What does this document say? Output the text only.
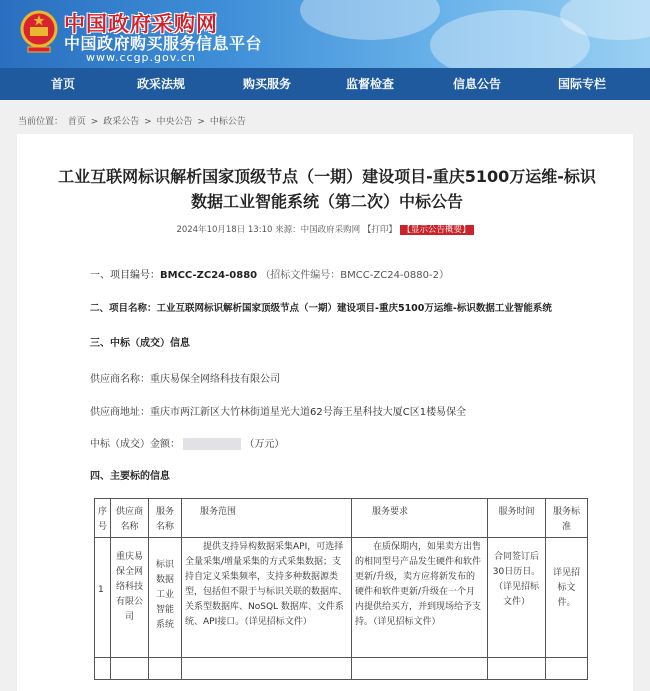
中国政府采购网
中国政府购买服务信息平台
www.ccgp.gov.cn
首页	政采法规	购买服务	监督检查	信息公告	国际专栏
当前位置： 首页 > 政采公告 > 中央公告 > 中标公告
工业互联网标识解析国家顶级节点（一期）建设项目-重庆5100万运维-标识数据工业智能系统（第二次）中标公告
2024年10月18日 13:10 来源：中国政府采购网 【打印】 【显示公告概要】
一、项目编号：BMCC-ZC24-0880 （招标文件编号：BMCC-ZC24-0880-2）
二、项目名称：工业互联网标识解析国家顶级节点（一期）建设项目-重庆5100万运维-标识数据工业智能系统
三、中标（成交）信息
供应商名称：重庆易保全网络科技有限公司
供应商地址：重庆市两江新区大竹林街道星光大道62号海王星科技大厦C区1楼易保全
中标（成交）金额：	（万元）
四、主要标的信息
序号	供应商名称	服务名称	服务范围	服务要求	服务时间	服务标准
1	重庆易保全网络科技有限公司	标识数据工业智能系统	提供支持异构数据采集API，可选择全量采集/增量采集的方式采集数据；支持自定义采集频率，支持多种数据源类型，包括但不限于与标识关联的数据库、关系型数据库、NoSQL 数据库、文件系统、API接口。（详见招标文件）	在质保期内，如果卖方出售的相同型号产品发生硬件和软件更新/升级，卖方应将新发布的硬件和软件更新/升级在一个月内提供给买方，并到现场给予支持。（详见招标文件）	合同签订后30日历日。（详见招标文件）	详见招标文件。
